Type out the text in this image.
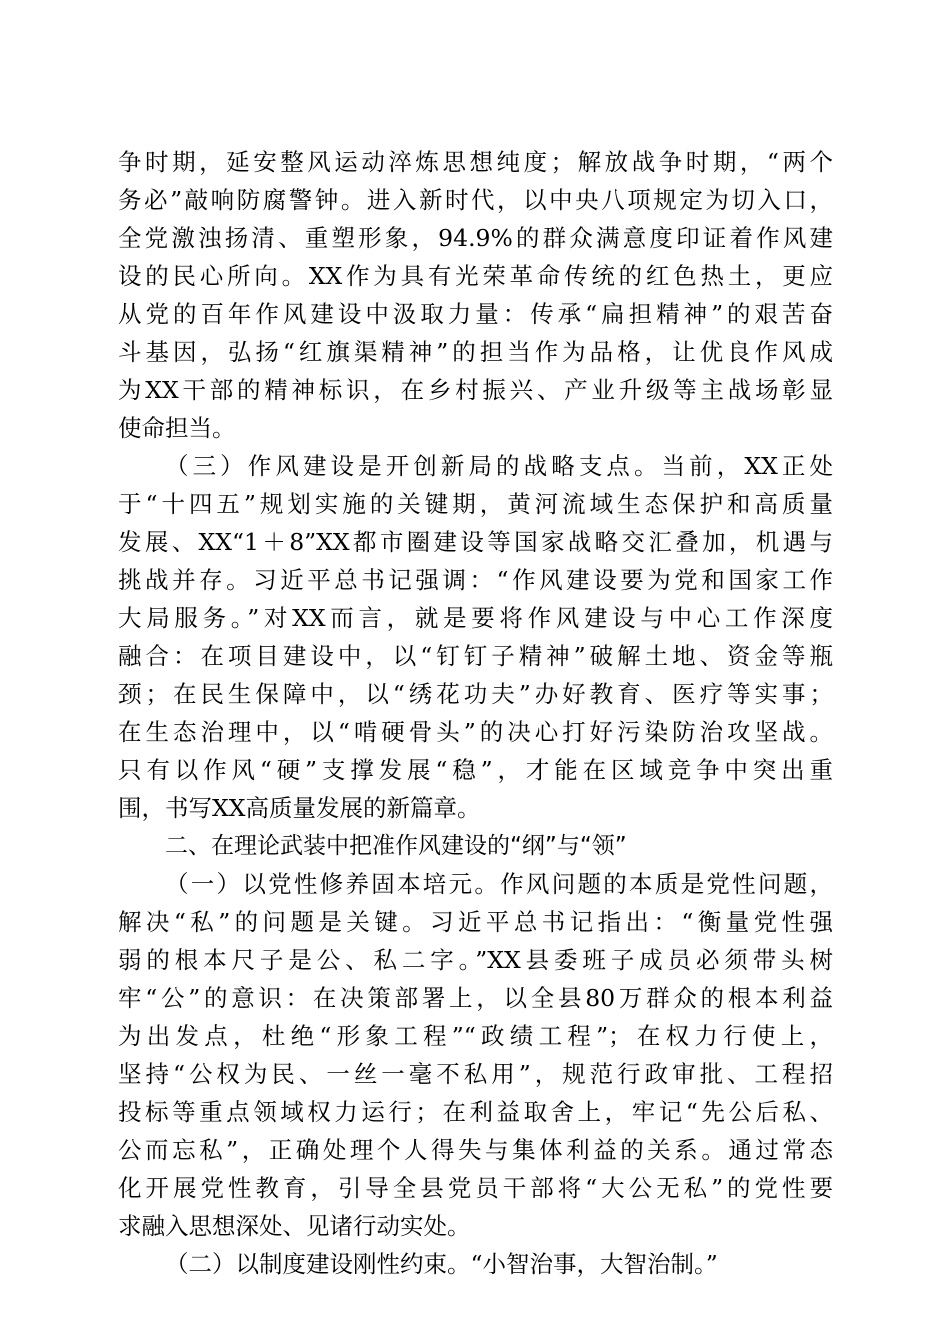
争时期，延安整风运动淬炼思想纯度；解放战争时期，“两个
务必”敲响防腐警钟。进入新时代，以中央八项规定为切入口，
全党激浊扬清、重塑形象，94.9%的群众满意度印证着作风建
设的民心所向。XX作为具有光荣革命传统的红色热土，更应
从党的百年作风建设中汲取力量：传承“扁担精神”的艰苦奋
斗基因，弘扬“红旗渠精神”的担当作为品格，让优良作风成
为XX干部的精神标识，在乡村振兴、产业升级等主战场彰显
使命担当。
（三）作风建设是开创新局的战略支点。当前，XX正处
于“十四五”规划实施的关键期，黄河流域生态保护和高质量
发展、XX“1＋8”XX都市圈建设等国家战略交汇叠加，机遇与
挑战并存。习近平总书记强调：“作风建设要为党和国家工作
大局服务。”对XX而言，就是要将作风建设与中心工作深度
融合：在项目建设中，以“钉钉子精神”破解土地、资金等瓶
颈；在民生保障中，以“绣花功夫”办好教育、医疗等实事；
在生态治理中，以“啃硬骨头”的决心打好污染防治攻坚战。
只有以作风“硬”支撑发展“稳”，才能在区域竞争中突出重
围，书写XX高质量发展的新篇章。
二、在理论武装中把准作风建设的“纲”与“领”
（一）以党性修养固本培元。作风问题的本质是党性问题，
解决“私”的问题是关键。习近平总书记指出：“衡量党性强
弱的根本尺子是公、私二字。”XX县委班子成员必须带头树
牢“公”的意识：在决策部署上，以全县80万群众的根本利益
为出发点，杜绝“形象工程”“政绩工程”；在权力行使上，
坚持“公权为民、一丝一毫不私用”，规范行政审批、工程招
投标等重点领域权力运行；在利益取舍上，牢记“先公后私、
公而忘私”，正确处理个人得失与集体利益的关系。通过常态
化开展党性教育，引导全县党员干部将“大公无私”的党性要
求融入思想深处、见诸行动实处。
（二）以制度建设刚性约束。“小智治事，大智治制。”
